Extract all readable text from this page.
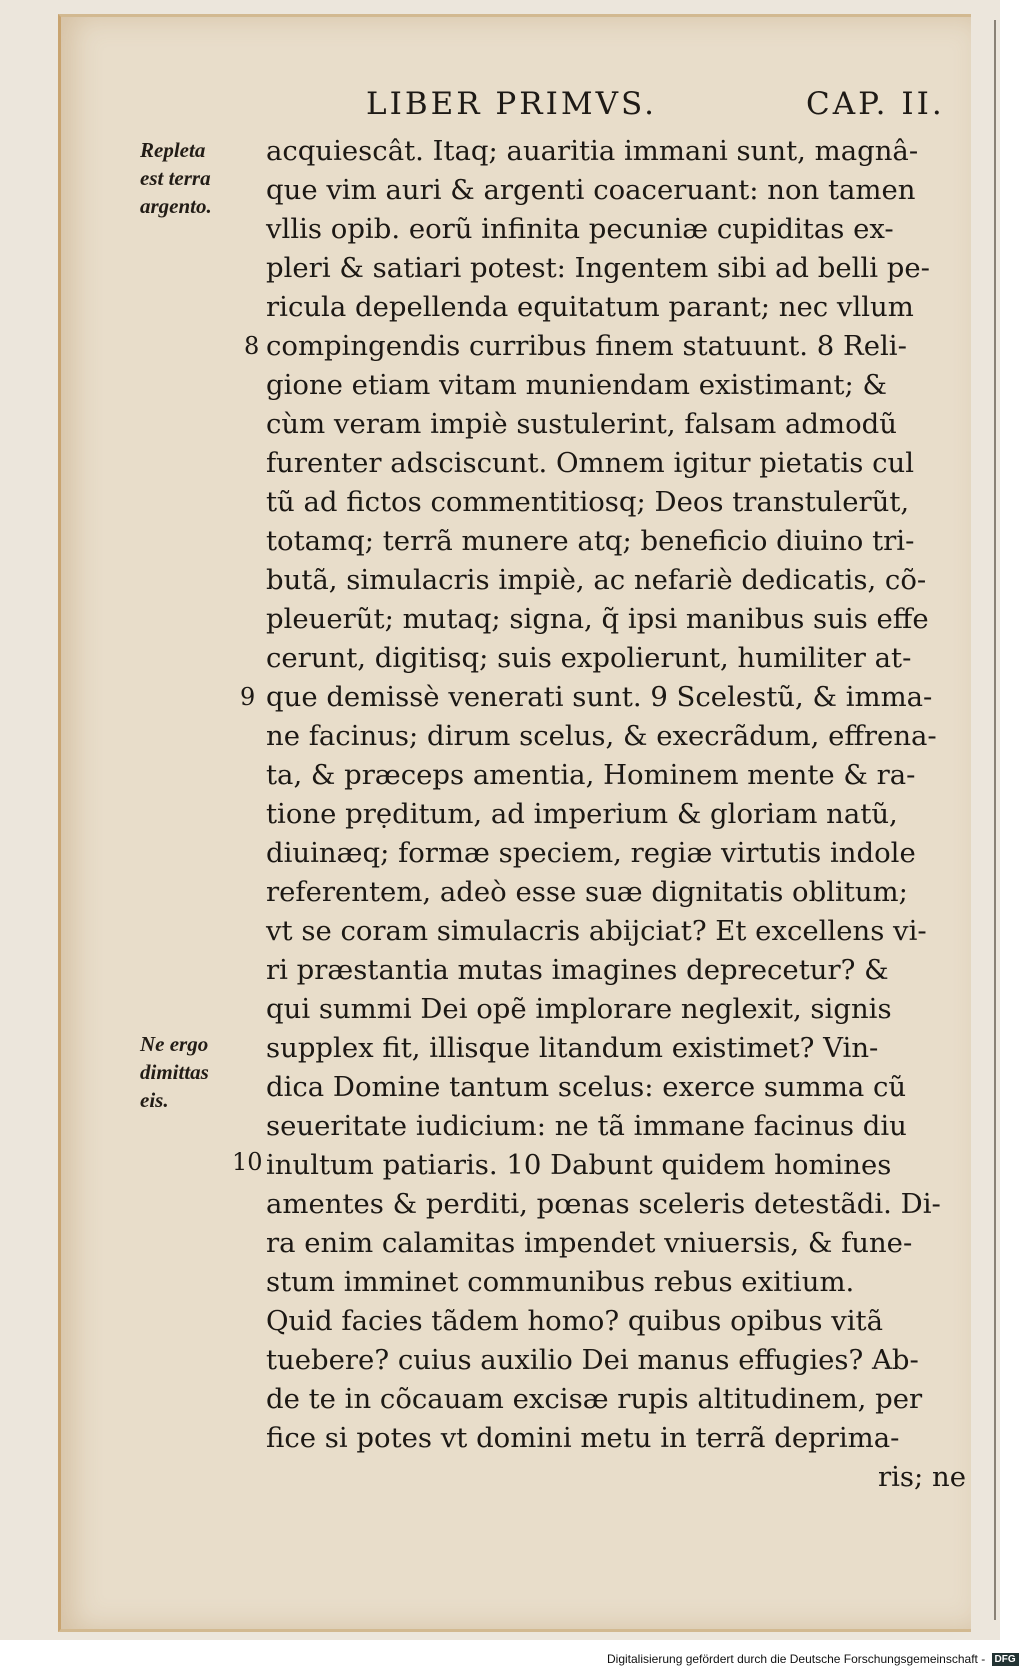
LIBER PRIMVS.	CAP. II.
Repleta
est terra
argento.
Ne ergo
dimittas
eis.
8
9
10
acquiescât. Itaq; auaritia immani sunt, magnâ-
que vim auri & argenti coaceruant: non tamen
vllis opib. eorũ infinita pecuniæ cupiditas ex-
pleri & satiari potest: Ingentem sibi ad belli pe-
ricula depellenda equitatum parant; nec vllum
compingendis curribus finem statuunt. 8 Reli-
gione etiam vitam muniendam existimant; &
cùm veram impiè sustulerint, falsam admodũ
furenter adsciscunt. Omnem igitur pietatis cul
tũ ad fictos commentitiosq; Deos transtulerũt,
totamq; terrã munere atq; beneficio diuino tri-
butã, simulacris impiè, ac nefariè dedicatis, cõ-
pleuerũt; mutaq; signa, q̃ ipsi manibus suis effe
cerunt, digitisq; suis expolierunt, humiliter at-
que demissè venerati sunt. 9 Scelestũ, & imma-
ne facinus; dirum scelus, & execrãdum, effrena-
ta, & præceps amentia, Hominem mente & ra-
tione prẹditum, ad imperium & gloriam natũ,
diuinæq; formæ speciem, regiæ virtutis indole
referentem, adeò esse suæ dignitatis oblitum;
vt se coram simulacris abijciat? Et excellens vi-
ri præstantia mutas imagines deprecetur? &
qui summi Dei opẽ implorare neglexit, signis
supplex fit, illisque litandum existimet? Vin-
dica Domine tantum scelus: exerce summa cũ
seueritate iudicium: ne tã immane facinus diu
inultum patiaris. 10 Dabunt quidem homines
amentes & perditi, pœnas sceleris detestãdi. Di-
ra enim calamitas impendet vniuersis, & fune-
stum imminet communibus rebus exitium.
Quid facies tãdem homo? quibus opibus vitã
tuebere? cuius auxilio Dei manus effugies? Ab-
de te in cõcauam excisæ rupis altitudinem, per
fice si potes vt domini metu in terrã deprima-
ris; ne
Digitalisierung gefördert durch die Deutsche Forschungsgemeinschaft - DFG
